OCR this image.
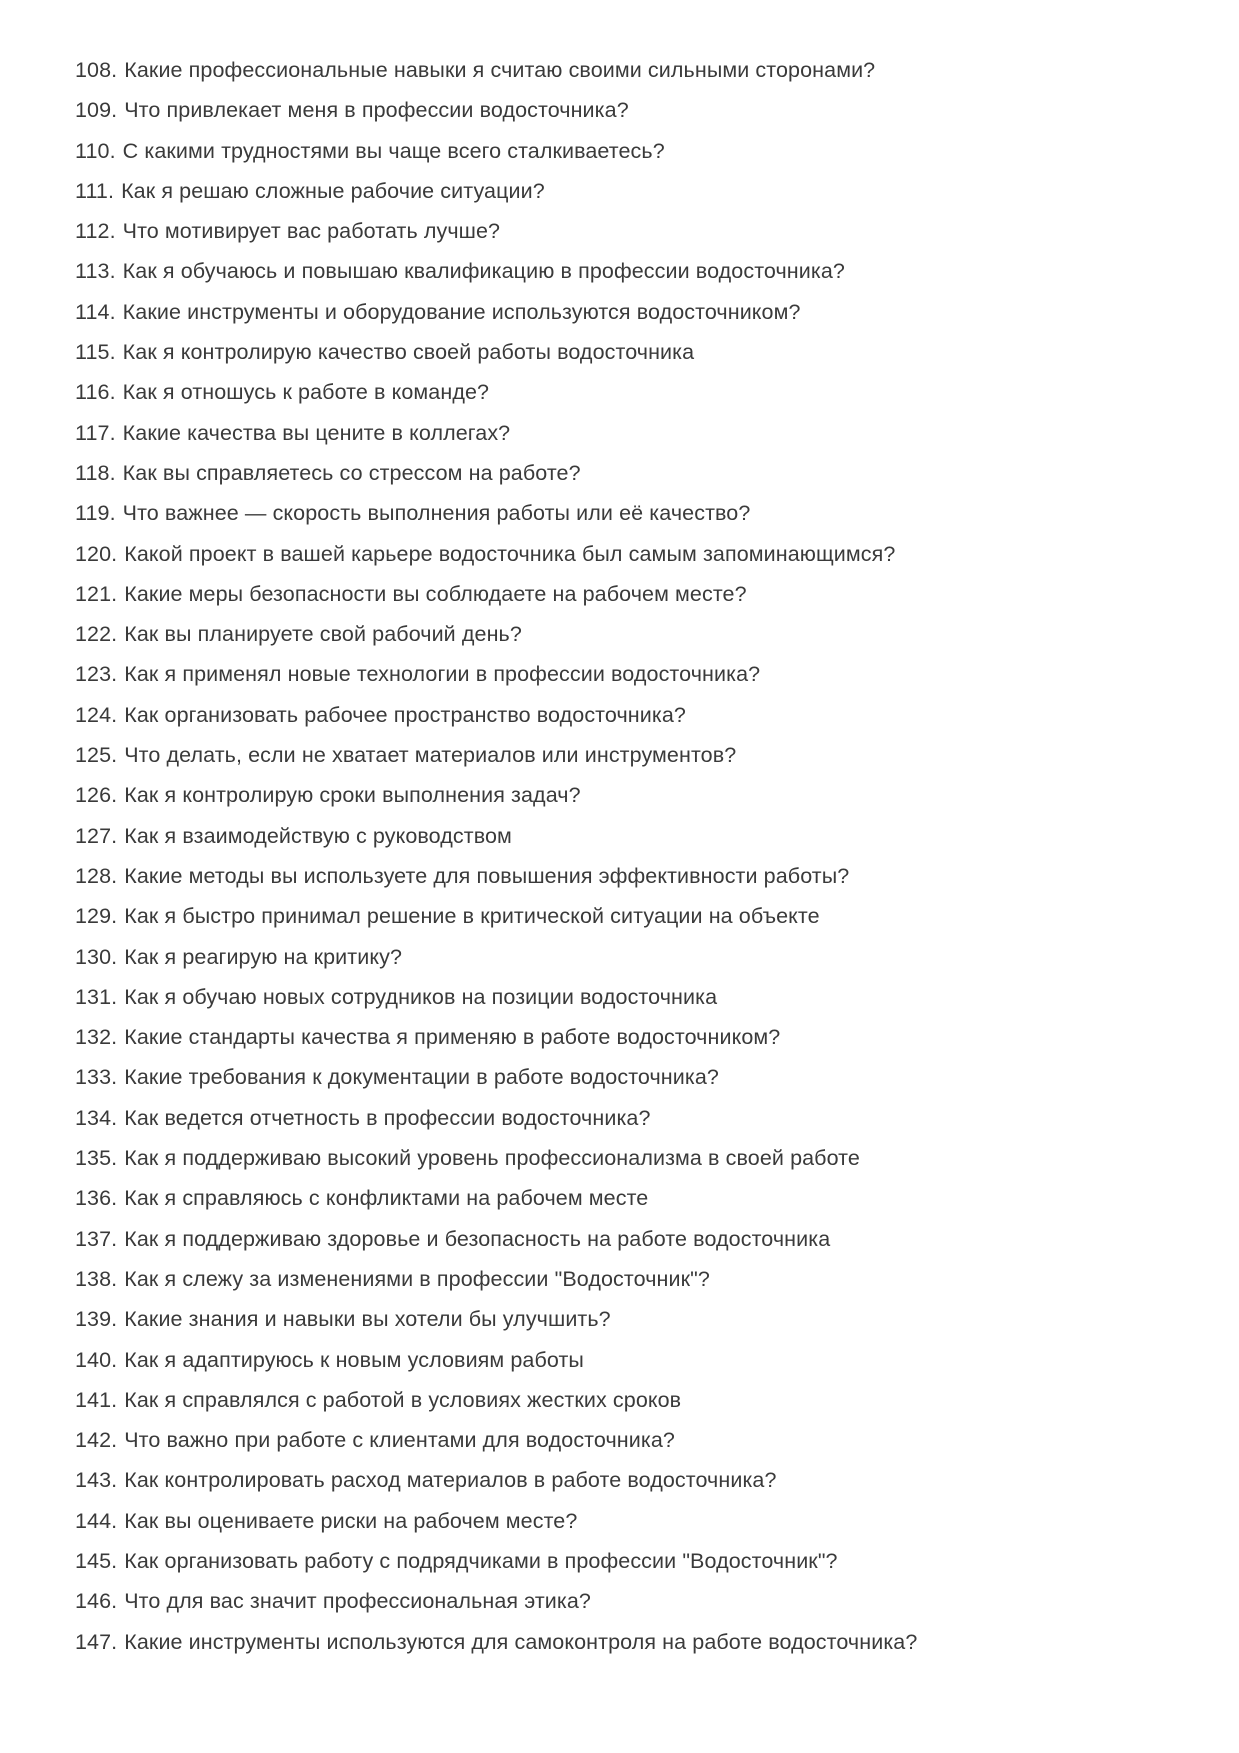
108. Какие профессиональные навыки я считаю своими сильными сторонами?
109. Что привлекает меня в профессии водосточника?
110. С какими трудностями вы чаще всего сталкиваетесь?
111. Как я решаю сложные рабочие ситуации?
112. Что мотивирует вас работать лучше?
113. Как я обучаюсь и повышаю квалификацию в профессии водосточника?
114. Какие инструменты и оборудование используются водосточником?
115. Как я контролирую качество своей работы водосточника
116. Как я отношусь к работе в команде?
117. Какие качества вы цените в коллегах?
118. Как вы справляетесь со стрессом на работе?
119. Что важнее — скорость выполнения работы или её качество?
120. Какой проект в вашей карьере водосточника был самым запоминающимся?
121. Какие меры безопасности вы соблюдаете на рабочем месте?
122. Как вы планируете свой рабочий день?
123. Как я применял новые технологии в профессии водосточника?
124. Как организовать рабочее пространство водосточника?
125. Что делать, если не хватает материалов или инструментов?
126. Как я контролирую сроки выполнения задач?
127. Как я взаимодействую с руководством
128. Какие методы вы используете для повышения эффективности работы?
129. Как я быстро принимал решение в критической ситуации на объекте
130. Как я реагирую на критику?
131. Как я обучаю новых сотрудников на позиции водосточника
132. Какие стандарты качества я применяю в работе водосточником?
133. Какие требования к документации в работе водосточника?
134. Как ведется отчетность в профессии водосточника?
135. Как я поддерживаю высокий уровень профессионализма в своей работе
136. Как я справляюсь с конфликтами на рабочем месте
137. Как я поддерживаю здоровье и безопасность на работе водосточника
138. Как я слежу за изменениями в профессии "Водосточник"?
139. Какие знания и навыки вы хотели бы улучшить?
140. Как я адаптируюсь к новым условиям работы
141. Как я справлялся с работой в условиях жестких сроков
142. Что важно при работе с клиентами для водосточника?
143. Как контролировать расход материалов в работе водосточника?
144. Как вы оцениваете риски на рабочем месте?
145. Как организовать работу с подрядчиками в профессии "Водосточник"?
146. Что для вас значит профессиональная этика?
147. Какие инструменты используются для самоконтроля на работе водосточника?
